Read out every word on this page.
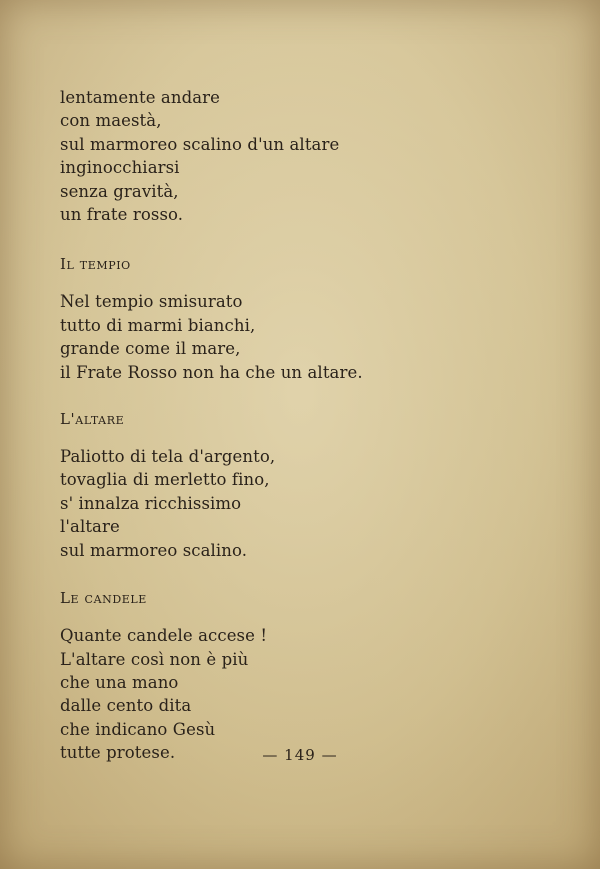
lentamente andare
con maestà,
sul marmoreo scalino d'un altare
inginocchiarsi
senza gravità,
un frate rosso.
Il tempio
Nel tempio smisurato
tutto di marmi bianchi,
grande come il mare,
il Frate Rosso non ha che un altare.
L'altare
Paliotto di tela d'argento,
tovaglia di merletto fino,
s' innalza ricchissimo
l'altare
sul marmoreo scalino.
Le candele
Quante candele accese !
L'altare così non è più
che una mano
dalle cento dita
che indicano Gesù
tutte protese.	— 149 —
